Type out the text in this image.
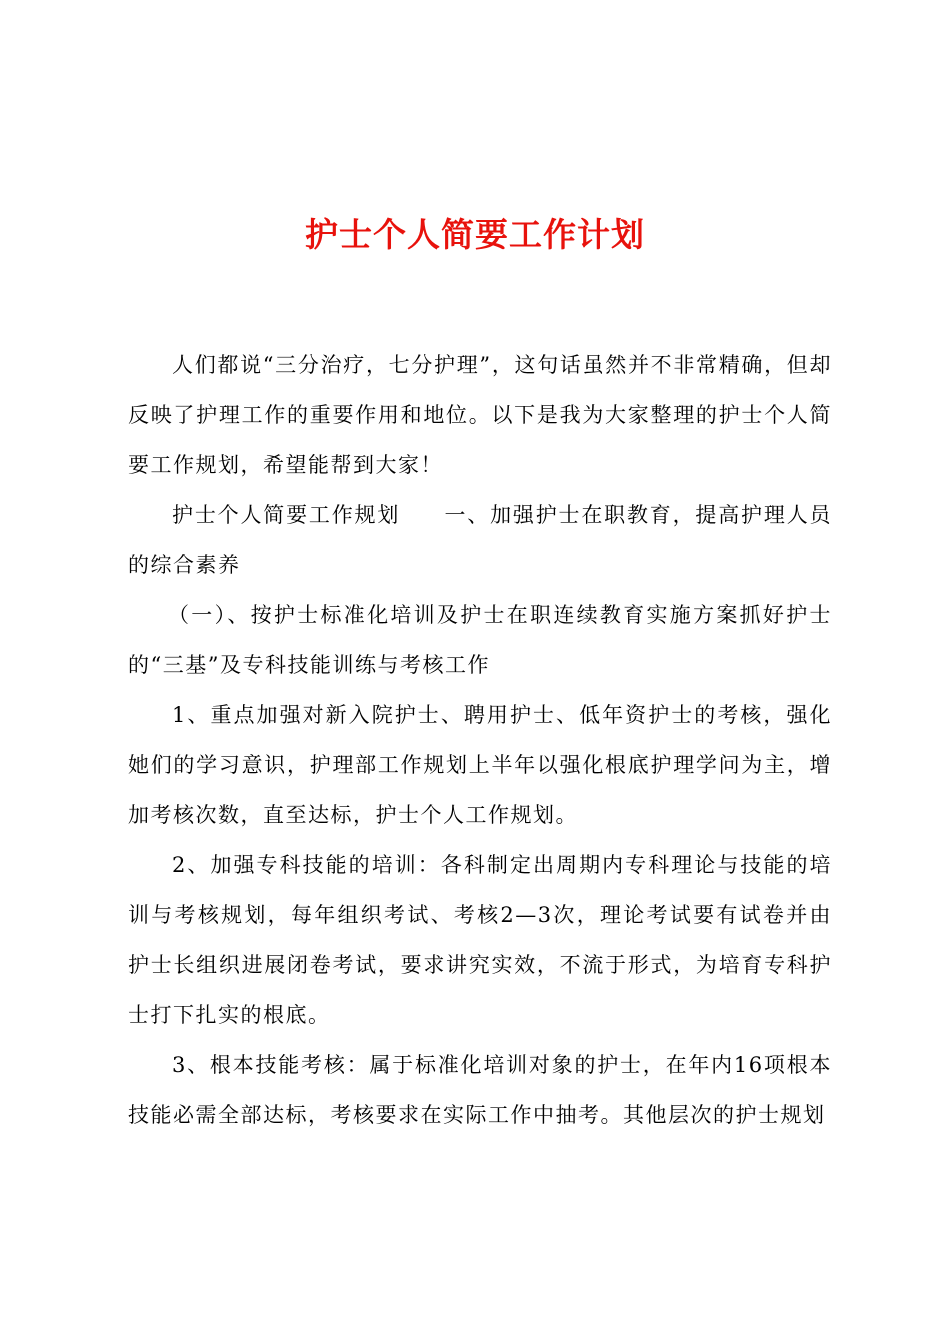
护士个人简要工作计划

人们都说“三分治疗，七分护理”，这句话虽然并不非常精确，但却反映了护理工作的重要作用和地位。以下是我为大家整理的护士个人简要工作规划，希望能帮到大家！

护士个人简要工作规划 一、加强护士在职教育，提高护理人员的综合素养

（一）、按护士标准化培训及护士在职连续教育实施方案抓好护士的“三基”及专科技能训练与考核工作

1、重点加强对新入院护士、聘用护士、低年资护士的考核，强化她们的学习意识，护理部工作规划上半年以强化根底护理学问为主，增加考核次数，直至达标，护士个人工作规划。

2、加强专科技能的培训：各科制定出周期内专科理论与技能的培训与考核规划，每年组织考试、考核2—3次，理论考试要有试卷并由护士长组织进展闭卷考试，要求讲究实效，不流于形式，为培育专科护士打下扎实的根底。

3、根本技能考核：属于标准化培训对象的护士，在年内16项根本技能必需全部达标，考核要求在实际工作中抽考。其他层次的护士规划
